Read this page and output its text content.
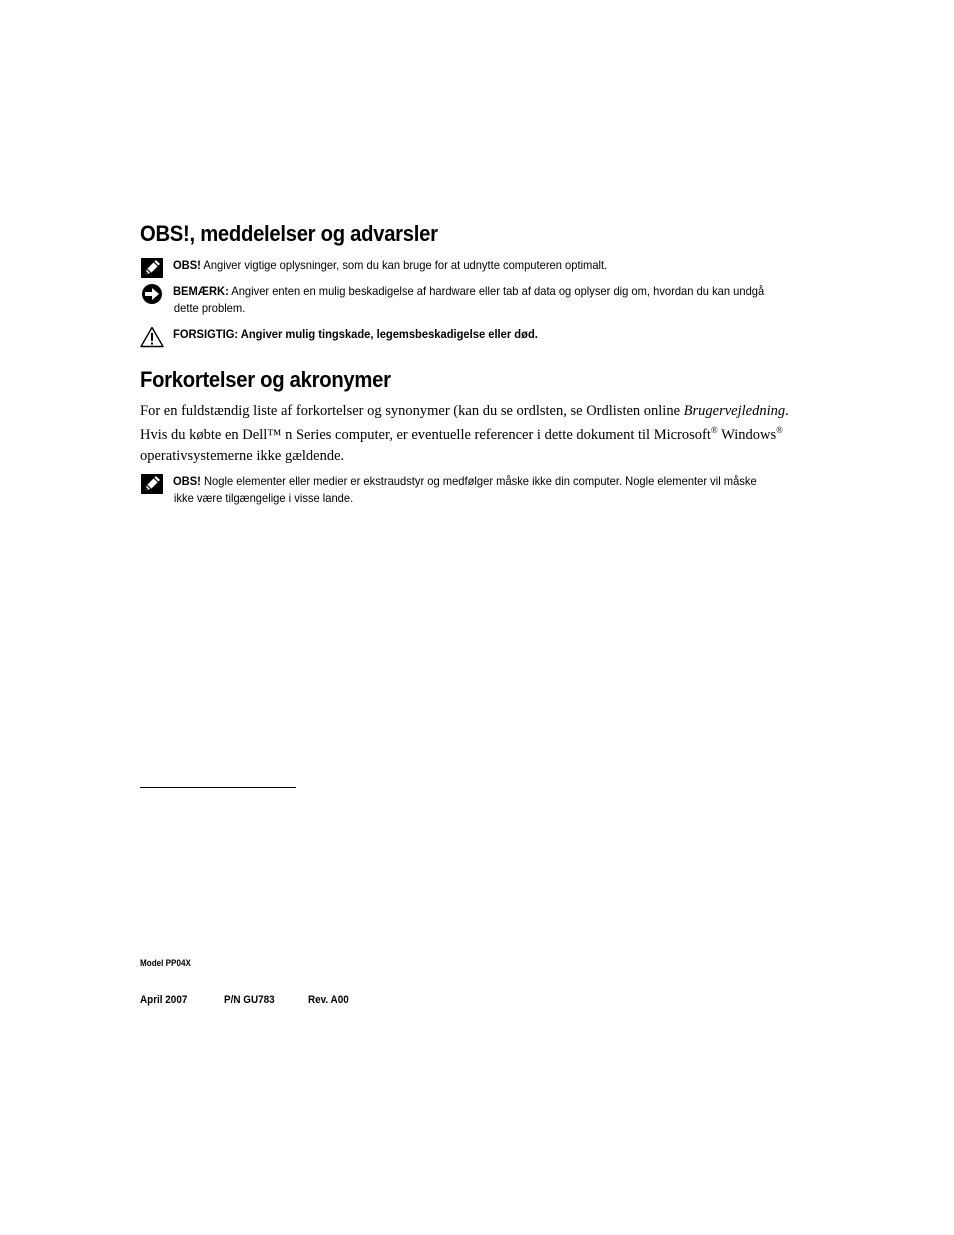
OBS!, meddelelser og advarsler
OBS! Angiver vigtige oplysninger, som du kan bruge for at udnytte computeren optimalt.
BEMÆRK: Angiver enten en mulig beskadigelse af hardware eller tab af data og oplyser dig om, hvordan du kan undgå
dette problem.
FORSIGTIG: Angiver mulig tingskade, legemsbeskadigelse eller død.
Forkortelser og akronymer
For en fuldstændig liste af forkortelser og synonymer (kan du se ordlsten, se Ordlisten online Brugervejledning.
Hvis du købte en Dell™ n Series computer, er eventuelle referencer i dette dokument til Microsoft® Windows®
operativsystemerne ikke gældende.
OBS! Nogle elementer eller medier er ekstraudstyr og medfølger måske ikke din computer. Nogle elementer vil måske
ikke være tilgængelige i visse lande.
Model PP04X
April 2007	P/N GU783	Rev. A00
